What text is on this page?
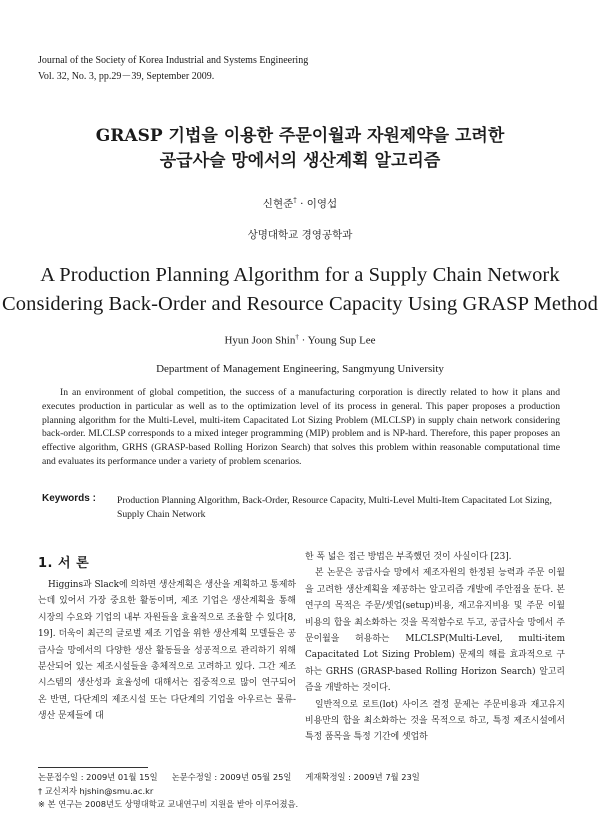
Journal of the Society of Korea Industrial and Systems Engineering
Vol. 32, No. 3, pp.29－39, September 2009.
GRASP 기법을 이용한 주문이월과 자원제약을 고려한
공급사슬 망에서의 생산계획 알고리즘
신현준† · 이영섭
상명대학교 경영공학과
A Production Planning Algorithm for a Supply Chain Network
Considering Back-Order and Resource Capacity Using GRASP Method
Hyun Joon Shin† · Young Sup Lee
Department of Management Engineering, Sangmyung University
In an environment of global competition, the success of a manufacturing corporation is directly related to how it plans and executes production in particular as well as to the optimization level of its process in general. This paper proposes a production planning algorithm for the Multi-Level, multi-item Capacitated Lot Sizing Problem (MLCLSP) in supply chain network considering back-order. MLCLSP corresponds to a mixed integer programming (MIP) problem and is NP-hard. Therefore, this paper proposes an effective algorithm, GRHS (GRASP-based Rolling Horizon Search) that solves this problem within reasonable computational time and evaluates its performance under a variety of problem scenarios.
Keywords : Production Planning Algorithm, Back-Order, Resource Capacity, Multi-Level Multi-Item Capacitated Lot Sizing, Supply Chain Network
1. 서 론

Higgins과 Slack에 의하면 생산계획은 생산을 계획하고 통제하는데 있어서 가장 중요한 활동이며, 제조 기업은 생산계획을 통해 시장의 수요와 기업의 내부 자원들을 효율적으로 조율할 수 있다[8, 19]. 더욱이 최근의 글로벌 제조 기업을 위한 생산계획 모델들은 공급사슬 망에서의 다양한 생산 활동들을 성공적으로 관리하기 위해 분산되어 있는 제조시설들을 총체적으로 고려하고 있다. 그간 제조시스템의 생산성과 효율성에 대해서는 집중적으로 많이 연구되어 온 반면, 다단계의 제조시설 또는 다단계의 기업을 아우르는 물류-생산 문제들에 대

한 폭 넓은 접근 방법은 부족했던 것이 사실이다 [23].

본 논문은 공급사슬 망에서 제조자원의 한정된 능력과 주문 이월을 고려한 생산계획을 제공하는 알고리즘 개발에 주안점을 둔다. 본 연구의 목적은 주문/셋업(setup)비용, 재고유지비용 및 주문 이월비용의 합을 최소화하는 것을 목적함수로 두고, 공급사슬 망에서 주문이월을 허용하는 MLCLSP(Multi-Level, multi-item Capacitated Lot Sizing Problem) 문제의 해를 효과적으로 구하는 GRHS (GRASP-based Rolling Horizon Search) 알고리즘을 개발하는 것이다.

일반적으로 로트(lot) 사이즈 결정 문제는 주문비용과 재고유지 비용만의 합을 최소화하는 것을 목적으로 하고, 특정 제조시설에서 특정 품목을 특정 기간에 셋업하

논문접수일 : 2009년 01월 15일 논문수정일 : 2009년 05월 25일 게재확정일 : 2009년 7월 23일
† 교신저자 hjshin@smu.ac.kr
※ 본 연구는 2008년도 상명대학교 교내연구비 지원을 받아 이루어졌음.
